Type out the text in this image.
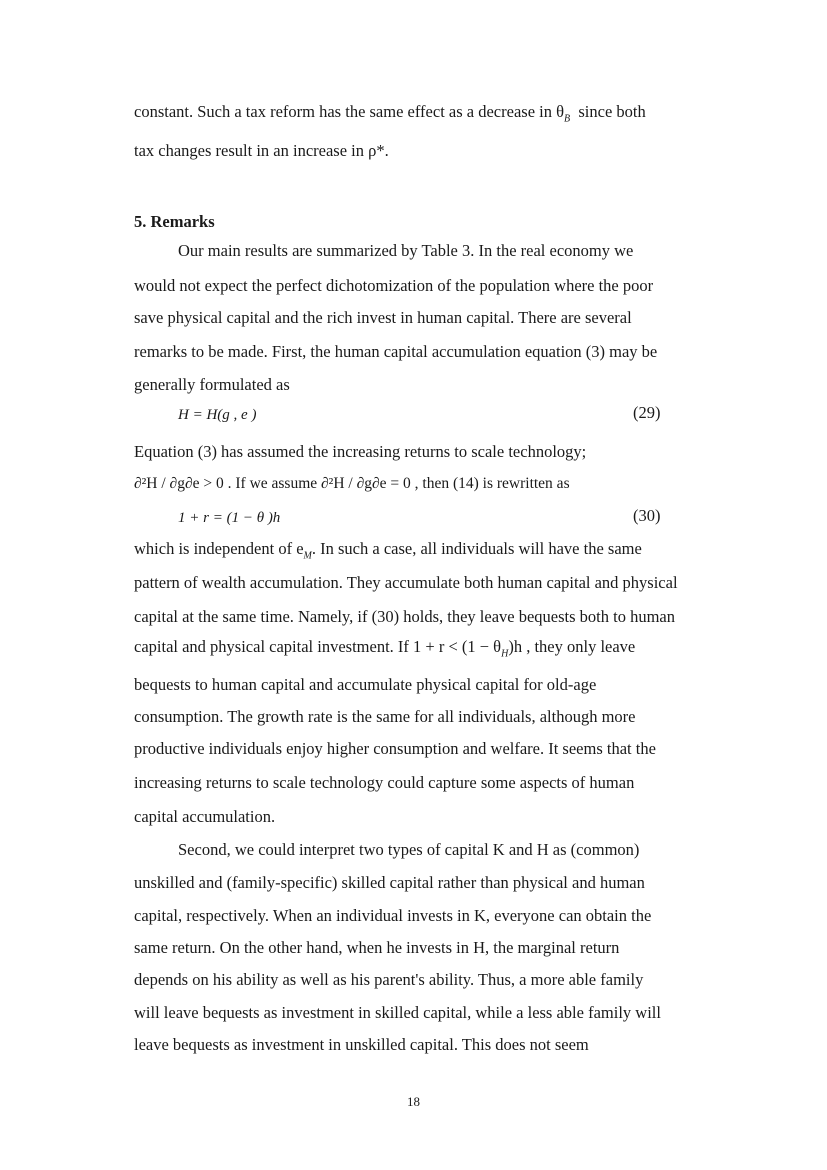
constant. Such a tax reform has the same effect as a decrease in $\theta_B$ since both
tax changes result in an increase in ρ*.
5. Remarks
Our main results are summarized by Table 3. In the real economy we
would not expect the perfect dichotomization of the population where the poor
save physical capital and the rich invest in human capital. There are several
remarks to be made. First, the human capital accumulation equation (3) may be
generally formulated as
H = H(g , e )	(29)
Equation (3) has assumed the increasing returns to scale technology;
∂²H / ∂g∂e > 0 . If we assume ∂²H / ∂g∂e = 0 , then (14) is rewritten as
1 + r = (1 − θ )h	(30)
which is independent of $e_M$. In such a case, all individuals will have the same
pattern of wealth accumulation. They accumulate both human capital and physical
capital at the same time. Namely, if (30) holds, they leave bequests both to human
capital and physical capital investment. If $1 + r < (1 - \theta_H)h$ , they only leave
bequests to human capital and accumulate physical capital for old-age
consumption. The growth rate is the same for all individuals, although more
productive individuals enjoy higher consumption and welfare. It seems that the
increasing returns to scale technology could capture some aspects of human
capital accumulation.
Second, we could interpret two types of capital K and H as (common)
unskilled and (family-specific) skilled capital rather than physical and human
capital, respectively. When an individual invests in K, everyone can obtain the
same return. On the other hand, when he invests in H, the marginal return
depends on his ability as well as his parent's ability. Thus, a more able family
will leave bequests as investment in skilled capital, while a less able family will
leave bequests as investment in unskilled capital. This does not seem
18
